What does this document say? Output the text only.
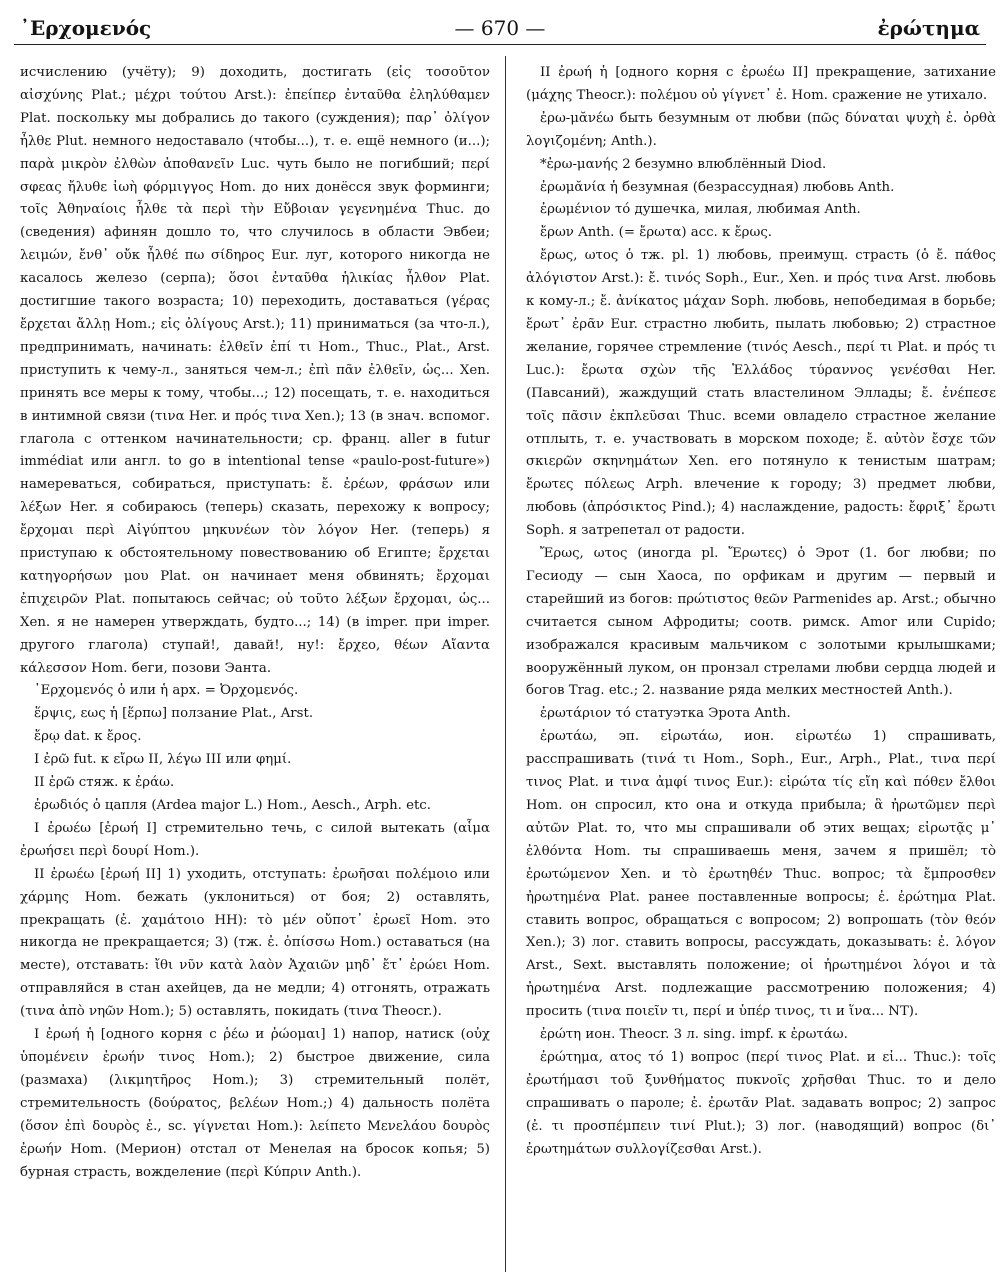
᾿Ερχομενός	— 670 —	ἐρώτημα

исчислению (учёту); 9) доходить, достигать (εἰς τοσοῦτον αἰσχύνης Plat.; μέχρι τούτου Arst.): ἐπείπερ ἐνταῦθα ἐληλύθαμεν Plat. поскольку мы добрались до такого (суждения); παρ᾿ ὀλίγον ἦλθε Plut. немного недоставало (чтобы...), т. е. ещё немного (и...); παρὰ μικρὸν ἐλθὼν ἀποθανεῖν Luc. чуть было не погибший; περί σφεας ἤλυθε ἰωὴ φόρμιγγος Hom. до них донёсся звук форминги; τοῖς Ἀθηναίοις ἦλθε τὰ περὶ τὴν Εὔβοιαν γεγενημένα Thuc. до (сведения) афинян дошло то, что случилось в области Эвбеи; λειμών, ἔνθ᾿ οὔκ ἦλθέ πω σίδηρος Eur. луг, которого никогда не касалось железо (серпа); ὅσοι ἐνταῦθα ἡλικίας ἦλθον Plat. достигшие такого возраста; 10) переходить, доставаться (γέρας ἔρχεται ἄλλῃ Hom.; εἰς ὀλίγους Arst.); 11) приниматься (за что-л.), предпринимать, начинать: ἐλθεῖν ἐπί τι Hom., Thuc., Plat., Arst. приступить к чему-л., заняться чем-л.; ἐπὶ πᾶν ἐλθεῖν, ὡς... Xen. принять все меры к тому, чтобы...; 12) посещать, т. е. находиться в интимной связи (τινα Her. и πρός τινα Xen.); 13 (в знач. вспомог. глагола с оттенком начинательности; ср. франц. aller в futur immédiat или англ. to go в intentional tense «paulo-post-future») намереваться, собираться, приступать: ἔ. ἐρέων, φράσων или λέξων Her. я собираюсь (теперь) сказать, перехожу к вопросу; ἔρχομαι περὶ Αἰγύπτου μηκυνέων τὸν λόγον Her. (теперь) я приступаю к обстоятельному повествованию об Египте; ἔρχεται κατηγορήσων μου Plat. он начинает меня обвинять; ἔρχομαι ἐπιχειρῶν Plat. попытаюсь сейчас; οὐ τοῦτο λέξων ἔρχομαι, ὡς... Xen. я не намерен утверждать, будто...; 14) (в imper. при imper. другого глагола) ступай!, давай!, ну!: ἔρχεο, θέων Αἴαντα κάλεσσον Hom. беги, позови Эанта.

᾿Ερχομενός ὁ или ἡ арх. = Ὀρχομενός.

ἕρψις, εως ἡ [ἕρπω] ползание Plat., Arst.

ἔρῳ dat. к ἔρος.

I ἐρῶ fut. к εἴρω II, λέγω III или φημί.

II ἐρῶ стяж. к ἐράω.

ἐρωδιός ὁ цапля (Ardea major L.) Hom., Aesch., Arph. etc.

I ἐρωέω [ἐρωή I] стремительно течь, с силой вытекать (αἷμα ἐρωήσει περὶ δουρί Hom.).

II ἐρωέω [ἐρωή II] 1) уходить, отступать: ἐρωῆσαι πολέμοιο или χάρμης Hom. бежать (уклониться) от боя; 2) оставлять, прекращать (ἐ. χαμάτοιο HH): τὸ μέν οὔποτ᾿ ἐρωεῖ Hom. это никогда не прекращается; 3) (тж. ἐ. ὀπίσσω Hom.) оставаться (на месте), отставать: ἴθι νῦν κατὰ λαὸν Ἀχαιῶν μηδ᾿ ἔτ᾿ ἐρώει Hom. отправляйся в стан ахейцев, да не медли; 4) отгонять, отражать (τινα ἀπὸ νηῶν Hom.); 5) оставлять, покидать (τινα Theocr.).

I ἐρωή ἡ [одного корня с ῥέω и ῥώομαι] 1) напор, натиск (οὐχ ὑπομένειν ἐρωήν τινος Hom.); 2) быстрое движение, сила (размаха) (λικμητῆρος Hom.); 3) стремительный полёт, стремительность (δούρατος, βελέων Hom.;) 4) дальность полёта (ὅσον ἐπὶ δουρὸς ἐ., sc. γίγνεται Hom.): λείπετο Μενελάου δουρὸς ἐρωήν Hom. (Мерион) отстал от Менелая на бросок копья; 5) бурная страсть, вожделение (περὶ Κύπριν Anth.).

II ἐρωή ἡ [одного корня с ἐρωέω II] прекращение, затихание (μάχης Theocr.): πολέμου οὐ γίγνετ᾿ ἐ. Hom. сражение не утихало.

ἐρω-μᾰνέω быть безумным от любви (πῶς δύναται ψυχὴ ἐ. ὀρθὰ λογιζομένη; Anth.).

*ἐρω-μανής 2 безумно влюблённый Diod.

ἐρωμᾰνία ἡ безумная (безрассудная) любовь Anth.

ἐρωμένιον τό душечка, милая, любимая Anth.

ἔρων Anth. (= ἔρωτα) acc. к ἔρως.

ἔρως, ωτος ὁ тж. pl. 1) любовь, преимущ. страсть (ὁ ἔ. πάθος ἀλόγιστον Arst.): ἔ. τινός Soph., Eur., Xen. и πρός τινα Arst. любовь к кому-л.; ἔ. ἀνίκατος μάχαν Soph. любовь, непобедимая в борьбе; ἔρωτ᾿ ἐρᾶν Eur. страстно любить, пылать любовью; 2) страстное желание, горячее стремление (τινός Aesch., περί τι Plat. и πρός τι Luc.): ἔρωτα σχὼν τῆς Ἑλλάδος τύραννος γενέσθαι Her. (Павсаний), жаждущий стать властелином Эллады; ἔ. ἐνέπεσε τοῖς πᾶσιν ἐκπλεῦσαι Thuc. всеми овладело страстное желание отплыть, т. е. участвовать в морском походе; ἔ. αὐτὸν ἔσχε τῶν σκιερῶν σκηνημάτων Xen. его потянуло к тенистым шатрам; ἔρωτες πόλεως Arph. влечение к городу; 3) предмет любви, любовь (ἀπρόσικτος Pind.); 4) наслаждение, радость: ἔφριξ᾿ ἔρωτι Soph. я затрепетал от радости.

Ἔρως, ωτος (иногда pl. Ἔρωτες) ὁ Эрот (1. бог любви; по Гесиоду — сын Хаоса, по орфикам и другим — первый и старейший из богов: πρώτιστος θεῶν Parmenides ap. Arst.; обычно считается сыном Афродиты; соотв. римск. Amor или Cupido; изображался красивым мальчиком с золотыми крылышками; вооружённый луком, он пронзал стрелами любви сердца людей и богов Trag. etc.; 2. название ряда мелких местностей Anth.).

ἐρωτάριον τό статуэтка Эрота Anth.

ἐρωτάω, эп. εἰρωτάω, ион. εἰρωτέω 1) спрашивать, расспрашивать (τινά τι Hom., Soph., Eur., Arph., Plat., τινα περί τινος Plat. и τινα ἀμφί τινος Eur.): εἰρώτα τίς εἴη καὶ πόθεν ἔλθοι Hom. он спросил, кто она и откуда прибыла; ἃ ἠρωτῶμεν περὶ αὐτῶν Plat. то, что мы спрашивали об этих вещах; εἰρωτᾷς μ᾿ ἐλθόντα Hom. ты спрашиваешь меня, зачем я пришёл; τὸ ἐρωτώμενον Xen. и τὸ ἐρωτηθέν Thuc. вопрос; τὰ ἔμπροσθεν ἠρωτημένα Plat. ранее поставленные вопросы; ἐ. ἐρώτημα Plat. ставить вопрос, обращаться с вопросом; 2) вопрошать (τὸν θεόν Xen.); 3) лог. ставить вопросы, рассуждать, доказывать: ἐ. λόγον Arst., Sext. выставлять положение; οἱ ἠρωτημένοι λόγοι и τὰ ἠρωτημένα Arst. подлежащие рассмотрению положения; 4) просить (τινα ποιεῖν τι, περί и ὑπέρ τινος, τι и ἵνα... NT).

ἐρώτη ион. Theocr. 3 л. sing. impf. к ἐρωτάω.

ἐρώτημα, ατος τό 1) вопрос (περί τινος Plat. и εἰ... Thuc.): τοῖς ἐρωτήμασι τοῦ ξυνθήματος πυκνοῖς χρῆσθαι Thuc. то и дело спрашивать о пароле; ἐ. ἐρωτᾶν Plat. задавать вопрос; 2) запрос (ἐ. τι προσπέμπειν τινί Plut.); 3) лог. (наводящий) вопрос (δι᾿ ἐρωτημάτων συλλογίζεσθαι Arst.).
